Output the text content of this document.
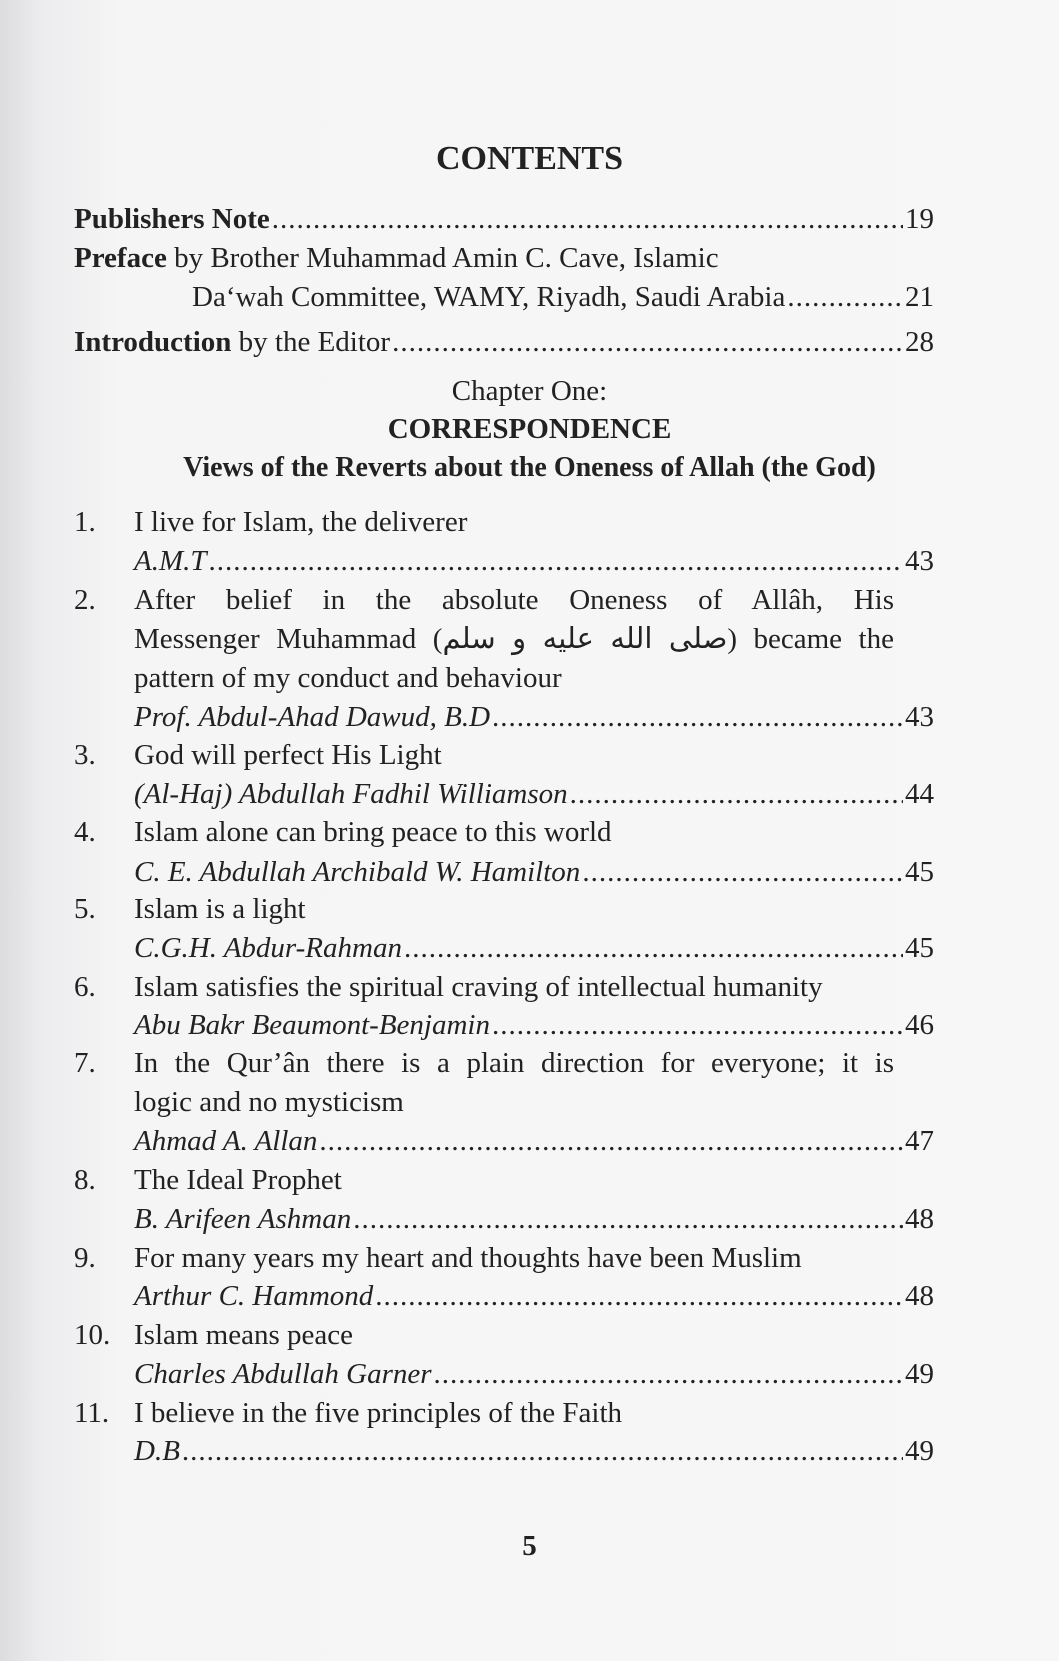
CONTENTS
Publishers Note .....	19
Preface by Brother Muhammad Amin C. Cave, Islamic
Da‘wah Committee, WAMY, Riyadh, Saudi Arabia .....	21
Introduction by the Editor .....	28
Chapter One:
CORRESPONDENCE
Views of the Reverts about the Oneness of Allah (the God)
1. I live for Islam, the deliverer
A.M.T .....	43
2. After belief in the absolute Oneness of Allâh, His
Messenger Muhammad (صلى الله عليه و سلم) became the
pattern of my conduct and behaviour
Prof. Abdul-Ahad Dawud, B.D .....	43
3. God will perfect His Light
(Al-Haj) Abdullah Fadhil Williamson .....	44
4. Islam alone can bring peace to this world
C. E. Abdullah Archibald W. Hamilton .....	45
5. Islam is a light
C.G.H. Abdur-Rahman .....	45
6. Islam satisfies the spiritual craving of intellectual humanity
Abu Bakr Beaumont-Benjamin .....	46
7. In the Qur’ân there is a plain direction for everyone; it is
logic and no mysticism
Ahmad A. Allan .....	47
8. The Ideal Prophet
B. Arifeen Ashman .....	48
9. For many years my heart and thoughts have been Muslim
Arthur C. Hammond .....	48
10. Islam means peace
Charles Abdullah Garner .....	49
11. I believe in the five principles of the Faith
D.B .....	49
5
